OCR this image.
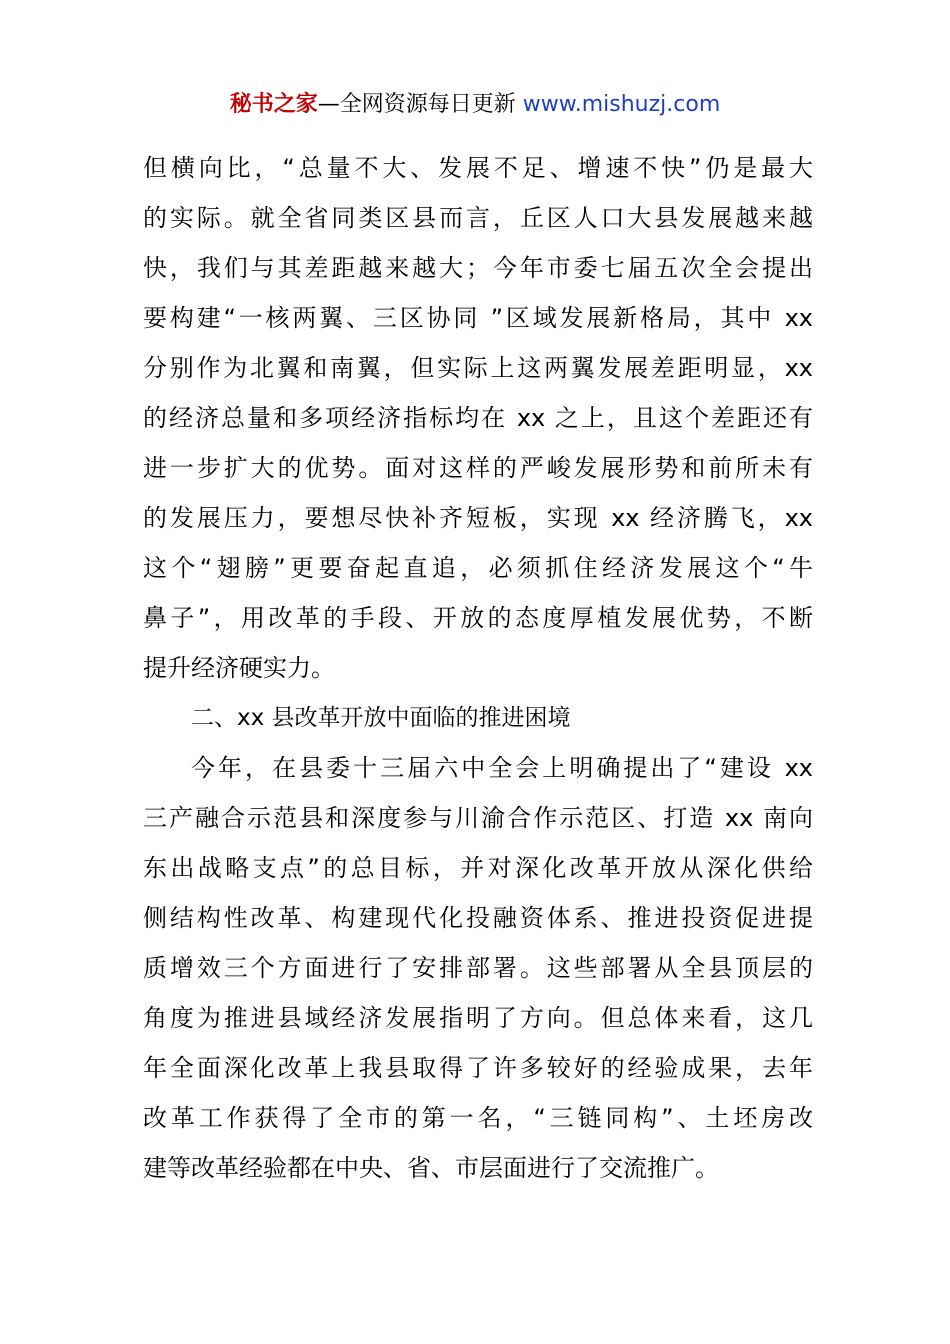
秘书之家—全网资源每日更新 www.mishuzj.com
但横向比，“总量不大、发展不足、增速不快”仍是最大
的实际。就全省同类区县而言，丘区人口大县发展越来越
快，我们与其差距越来越大；今年市委七届五次全会提出
要构建“一核两翼、三区协同 ”区域发展新格局，其中 xx
分别作为北翼和南翼，但实际上这两翼发展差距明显，xx
的经济总量和多项经济指标均在 xx 之上，且这个差距还有
进一步扩大的优势。面对这样的严峻发展形势和前所未有
的发展压力，要想尽快补齐短板，实现 xx 经济腾飞，xx
这个“翅膀”更要奋起直追，必须抓住经济发展这个“牛
鼻子”，用改革的手段、开放的态度厚植发展优势，不断
提升经济硬实力。
二、xx 县改革开放中面临的推进困境
今年，在县委十三届六中全会上明确提出了“建设 xx
三产融合示范县和深度参与川渝合作示范区、打造 xx 南向
东出战略支点”的总目标，并对深化改革开放从深化供给
侧结构性改革、构建现代化投融资体系、推进投资促进提
质增效三个方面进行了安排部署。这些部署从全县顶层的
角度为推进县域经济发展指明了方向。但总体来看，这几
年全面深化改革上我县取得了许多较好的经验成果，去年
改革工作获得了全市的第一名，“三链同构”、土坯房改
建等改革经验都在中央、省、市层面进行了交流推广。
